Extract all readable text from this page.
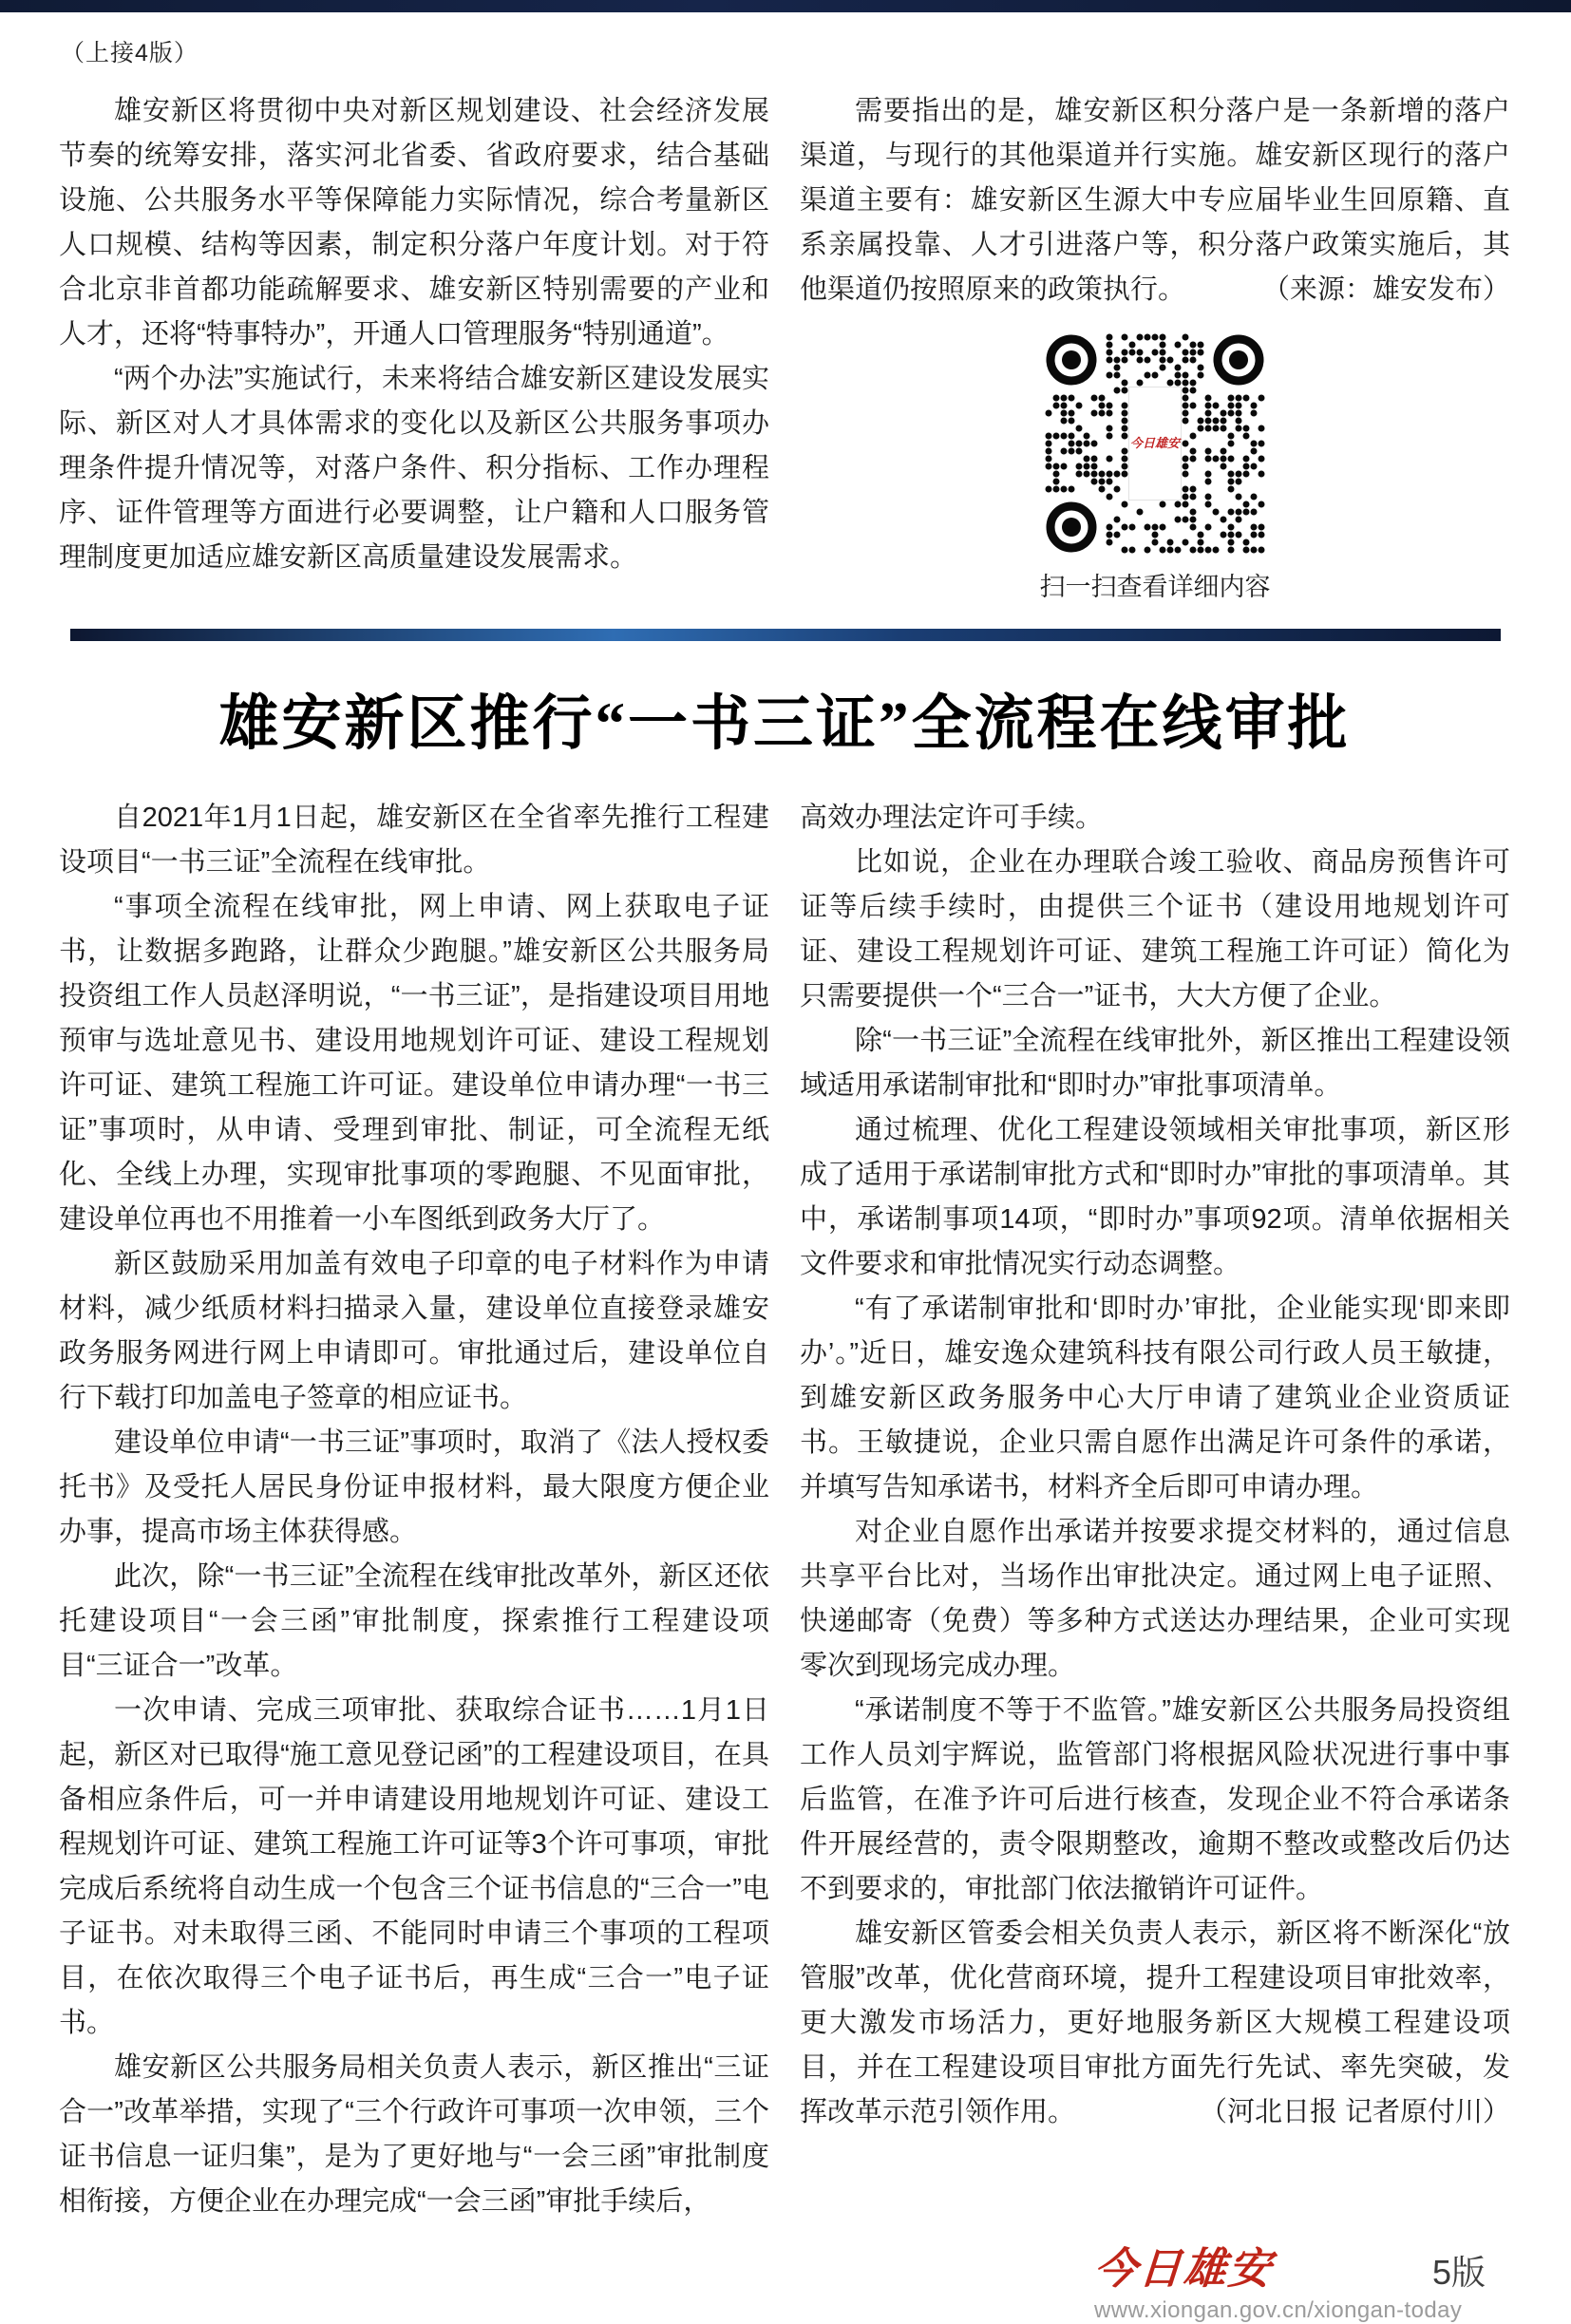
（上接4版）

雄安新区将贯彻中央对新区规划建设、社会经济发展节奏的统筹安排，落实河北省委、省政府要求，结合基础设施、公共服务水平等保障能力实际情况，综合考量新区人口规模、结构等因素，制定积分落户年度计划。对于符合北京非首都功能疏解要求、雄安新区特别需要的产业和人才，还将“特事特办”，开通人口管理服务“特别通道”。

“两个办法”实施试行，未来将结合雄安新区建设发展实际、新区对人才具体需求的变化以及新区公共服务事项办理条件提升情况等，对落户条件、积分指标、工作办理程序、证件管理等方面进行必要调整，让户籍和人口服务管理制度更加适应雄安新区高质量建设发展需求。

需要指出的是，雄安新区积分落户是一条新增的落户渠道，与现行的其他渠道并行实施。雄安新区现行的落户渠道主要有：雄安新区生源大中专应届毕业生回原籍、直系亲属投靠、人才引进落户等，积分落户政策实施后，其他渠道仍按照原来的政策执行。	（来源：雄安发布）

今日雄安
扫一扫查看详细内容
雄安新区推行“一书三证”全流程在线审批

自2021年1月1日起，雄安新区在全省率先推行工程建设项目“一书三证”全流程在线审批。

“事项全流程在线审批，网上申请、网上获取电子证书，让数据多跑路，让群众少跑腿。”雄安新区公共服务局投资组工作人员赵泽明说，“一书三证”，是指建设项目用地预审与选址意见书、建设用地规划许可证、建设工程规划许可证、建筑工程施工许可证。建设单位申请办理“一书三证”事项时，从申请、受理到审批、制证，可全流程无纸化、全线上办理，实现审批事项的零跑腿、不见面审批，建设单位再也不用推着一小车图纸到政务大厅了。

新区鼓励采用加盖有效电子印章的电子材料作为申请材料，减少纸质材料扫描录入量，建设单位直接登录雄安政务服务网进行网上申请即可。审批通过后，建设单位自行下载打印加盖电子签章的相应证书。

建设单位申请“一书三证”事项时，取消了《法人授权委托书》及受托人居民身份证申报材料，最大限度方便企业办事，提高市场主体获得感。

此次，除“一书三证”全流程在线审批改革外，新区还依托建设项目“一会三函”审批制度，探索推行工程建设项目“三证合一”改革。

一次申请、完成三项审批、获取综合证书……1月1日起，新区对已取得“施工意见登记函”的工程建设项目，在具备相应条件后，可一并申请建设用地规划许可证、建设工程规划许可证、建筑工程施工许可证等3个许可事项，审批完成后系统将自动生成一个包含三个证书信息的“三合一”电子证书。对未取得三函、不能同时申请三个事项的工程项目，在依次取得三个电子证书后，再生成“三合一”电子证书。

雄安新区公共服务局相关负责人表示，新区推出“三证合一”改革举措，实现了“三个行政许可事项一次申领，三个证书信息一证归集”，是为了更好地与“一会三函”审批制度相衔接，方便企业在办理完成“一会三函”审批手续后，

高效办理法定许可手续。

比如说，企业在办理联合竣工验收、商品房预售许可证等后续手续时，由提供三个证书（建设用地规划许可证、建设工程规划许可证、建筑工程施工许可证）简化为只需要提供一个“三合一”证书，大大方便了企业。

除“一书三证”全流程在线审批外，新区推出工程建设领域适用承诺制审批和“即时办”审批事项清单。

通过梳理、优化工程建设领域相关审批事项，新区形成了适用于承诺制审批方式和“即时办”审批的事项清单。其中，承诺制事项14项，“即时办”事项92项。清单依据相关文件要求和审批情况实行动态调整。

“有了承诺制审批和‘即时办’审批，企业能实现‘即来即办’。”近日，雄安逸众建筑科技有限公司行政人员王敏捷，到雄安新区政务服务中心大厅申请了建筑业企业资质证书。王敏捷说，企业只需自愿作出满足许可条件的承诺，并填写告知承诺书，材料齐全后即可申请办理。

对企业自愿作出承诺并按要求提交材料的，通过信息共享平台比对，当场作出审批决定。通过网上电子证照、快递邮寄（免费）等多种方式送达办理结果，企业可实现零次到现场完成办理。

“承诺制度不等于不监管。”雄安新区公共服务局投资组工作人员刘宇辉说，监管部门将根据风险状况进行事中事后监管，在准予许可后进行核查，发现企业不符合承诺条件开展经营的，责令限期整改，逾期不整改或整改后仍达不到要求的，审批部门依法撤销许可证件。

雄安新区管委会相关负责人表示，新区将不断深化“放管服”改革，优化营商环境，提升工程建设项目审批效率，更大激发市场活力，更好地服务新区大规模工程建设项目，并在工程建设项目审批方面先行先试、率先突破，发挥改革示范引领作用。	（河北日报 记者原付川）

今日雄安	5版
www.xiongan.gov.cn/xiongan-today
